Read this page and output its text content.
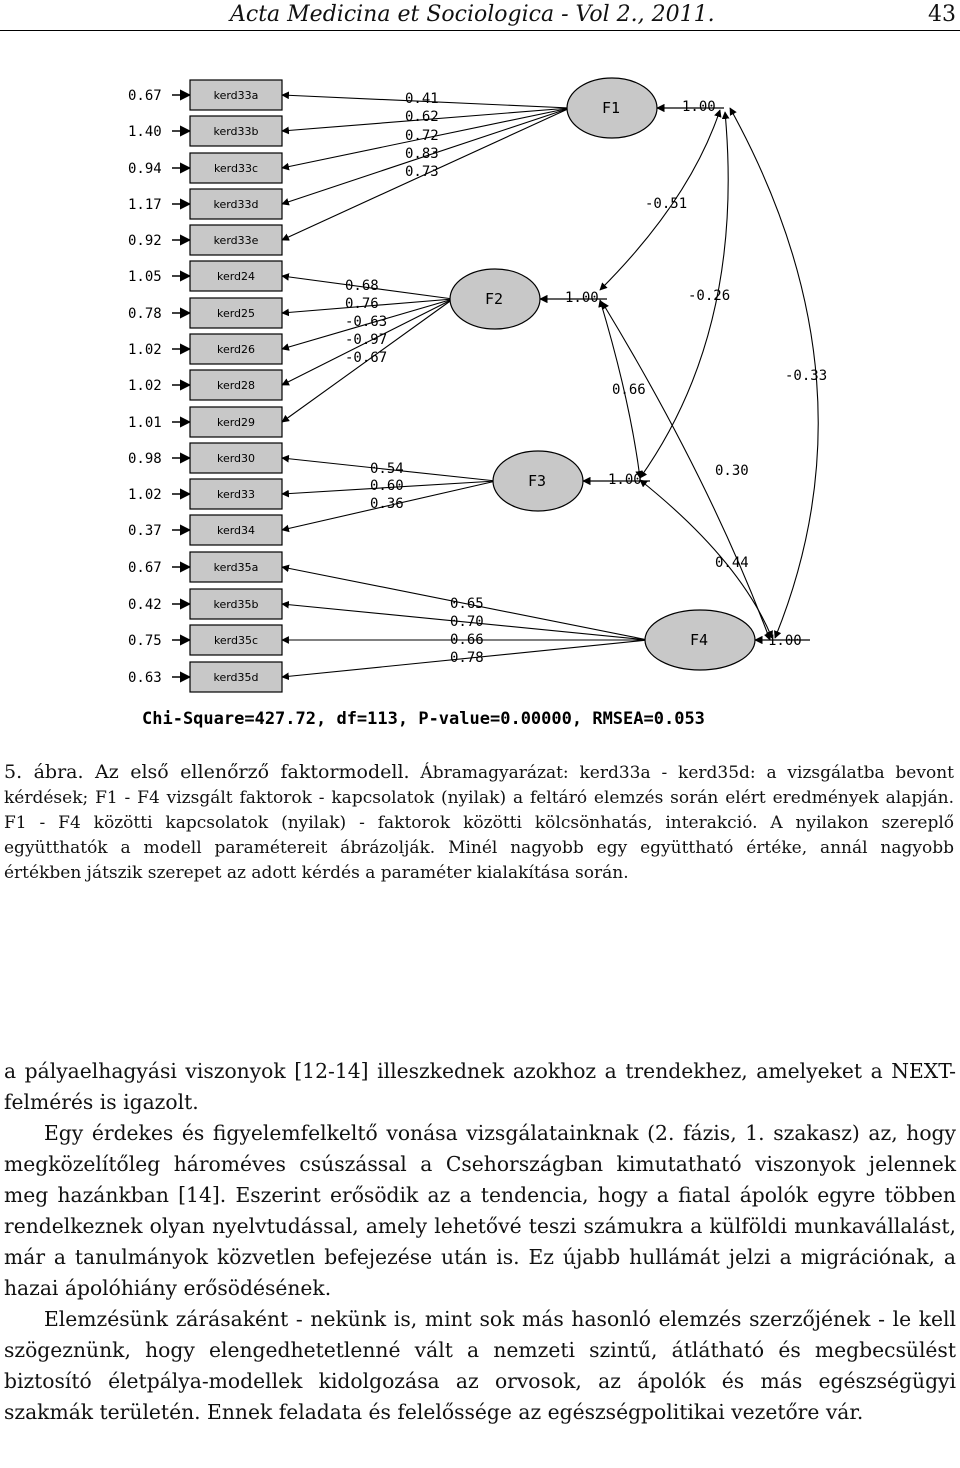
Acta Medicina et Sociologica - Vol 2., 2011.	43
kerd33a
kerd33b
kerd33c
kerd33d
kerd33e
kerd24
kerd25
kerd26
kerd28
kerd29
kerd30
kerd33
kerd34
kerd35a
kerd35b
kerd35c
kerd35d
F1
F2
F3
F4
0.67
1.40
0.94
1.17
0.92
1.05
0.78
1.02
1.02
1.01
0.98
1.02
0.37
0.67
0.42
0.75
0.63
0.41
0.62
0.72
0.83
0.73
1.00
0.68
0.76
-0.63
-0.97
-0.67
1.00
0.54
0.60
0.36
1.00
0.65
0.70
0.66
0.78
1.00
-0.51
-0.26
-0.33
0.66
0.30
0.44
Chi-Square=427.72, df=113, P-value=0.00000, RMSEA=0.053
5. ábra. Az első ellenőrző faktormodell. Ábramagyarázat: kerd33a - kerd35d: a vizsgálatba bevont kérdések; F1 - F4 vizsgált faktorok - kapcsolatok (nyilak) a feltáró elemzés során elért eredmények alapján. F1 - F4 közötti kapcsolatok (nyilak) - faktorok közötti kölcsönhatás, interakció. A nyilakon szereplő együtthatók a modell paramétereit ábrázolják. Minél nagyobb egy együttható értéke, annál nagyobb értékben játszik szerepet az adott kérdés a paraméter kialakítása során.

a pályaelhagyási viszonyok [12-14] illeszkednek azokhoz a trendekhez, amelyeket a NEXT-felmérés is igazolt.

Egy érdekes és figyelemfelkeltő vonása vizsgálatainknak (2. fázis, 1. szakasz) az, hogy megközelítőleg hároméves csúszással a Csehországban kimutatható viszonyok jelennek meg hazánkban [14]. Eszerint erősödik az a tendencia, hogy a fiatal ápolók egyre többen rendelkeznek olyan nyelvtudással, amely lehetővé teszi számukra a külföldi munkavállalást, már a tanulmányok közvetlen befejezése után is. Ez újabb hullámát jelzi a migrációnak, a hazai ápolóhiány erősödésének.

Elemzésünk zárásaként - nekünk is, mint sok más hasonló elemzés szerzőjének - le kell szögeznünk, hogy elengedhetetlenné vált a nemzeti szintű, átlátható és megbecsülést biztosító életpálya-modellek kidolgozása az orvosok, az ápolók és más egészségügyi szakmák területén. Ennek feladata és felelőssége az egészségpolitikai vezetőre vár.
